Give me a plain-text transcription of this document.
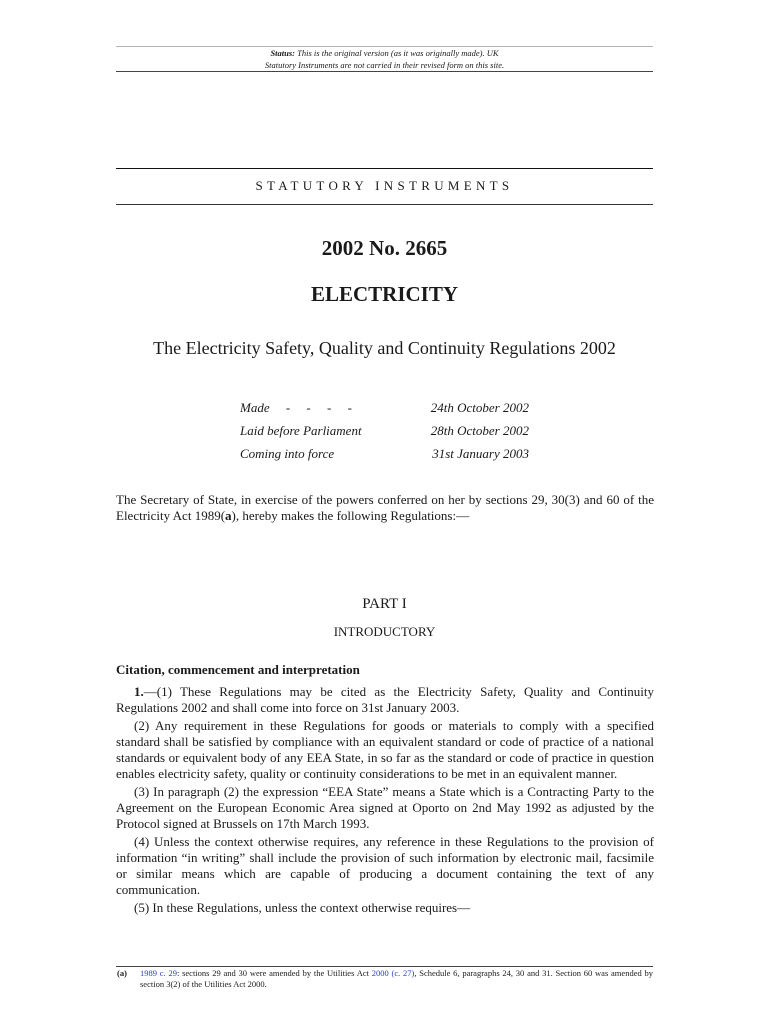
Status: This is the original version (as it was originally made). UK
Statutory Instruments are not carried in their revised form on this site.
STATUTORY INSTRUMENTS
2002 No. 2665
ELECTRICITY
The Electricity Safety, Quality and Continuity Regulations 2002
Made     -     -     -     -	24th October 2002
Laid before Parliament	28th October 2002
Coming into force	31st January 2003
The Secretary of State, in exercise of the powers conferred on her by sections 29, 30(3) and 60 of the Electricity Act 1989(a), hereby makes the following Regulations:—
PART I
INTRODUCTORY
Citation, commencement and interpretation

1.—(1) These Regulations may be cited as the Electricity Safety, Quality and Continuity Regulations 2002 and shall come into force on 31st January 2003.

(2) Any requirement in these Regulations for goods or materials to comply with a specified standard shall be satisfied by compliance with an equivalent standard or code of practice of a national standards or equivalent body of any EEA State, in so far as the standard or code of practice in question enables electricity safety, quality or continuity considerations to be met in an equivalent manner.

(3) In paragraph (2) the expression “EEA State” means a State which is a Contracting Party to the Agreement on the European Economic Area signed at Oporto on 2nd May 1992 as adjusted by the Protocol signed at Brussels on 17th March 1993.

(4) Unless the context otherwise requires, any reference in these Regulations to the provision of information “in writing” shall include the provision of such information by electronic mail, facsimile or similar means which are capable of producing a document containing the text of any communication.

(5) In these Regulations, unless the context otherwise requires—

(a) 1989 c. 29: sections 29 and 30 were amended by the Utilities Act 2000 (c. 27), Schedule 6, paragraphs 24, 30 and 31. Section 60 was amended by section 3(2) of the Utilities Act 2000.
